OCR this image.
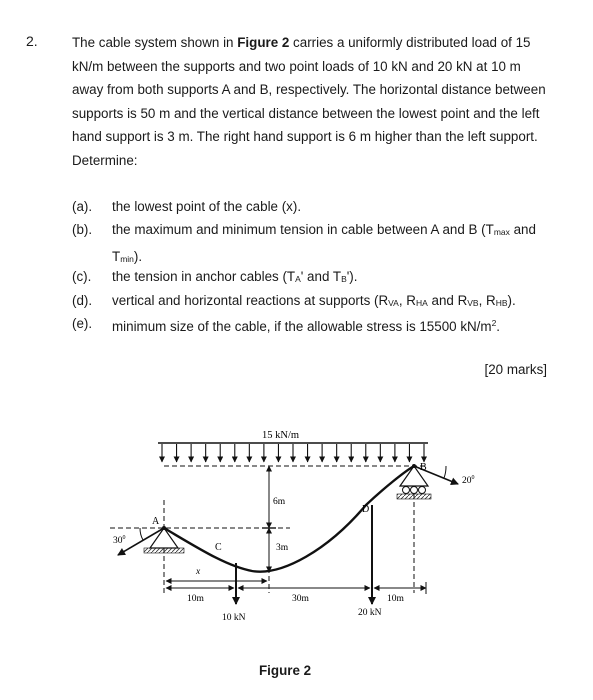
2.	The cable system shown in Figure 2 carries a uniformly distributed load of 15 kN/m between the supports and two point loads of 10 kN and 20 kN at 10 m away from both supports A and B, respectively. The horizontal distance between supports is 50 m and the vertical distance between the lowest point and the left hand support is 3 m. The right hand support is 6 m higher than the left support. Determine:
(a).	the lowest point of the cable (x).
(b).	the maximum and minimum tension in cable between A and B ($T_{max}$ and $T_{min}$).
(c).	the tension in anchor cables ($T_A'$ and $T_B'$).
(d).	vertical and horizontal reactions at supports ($R_{VA}$, $R_{HA}$ and $R_{VB}$, $R_{HB}$).
(e).	minimum size of the cable, if the allowable stress is 15500 $kN/m^2$.
[20 marks]
15 kN/m
$30^0$
$20^0$
A
B
C
D
10 kN	20 kN
6m
3m
x
10m	30m	10m
Figure 2
